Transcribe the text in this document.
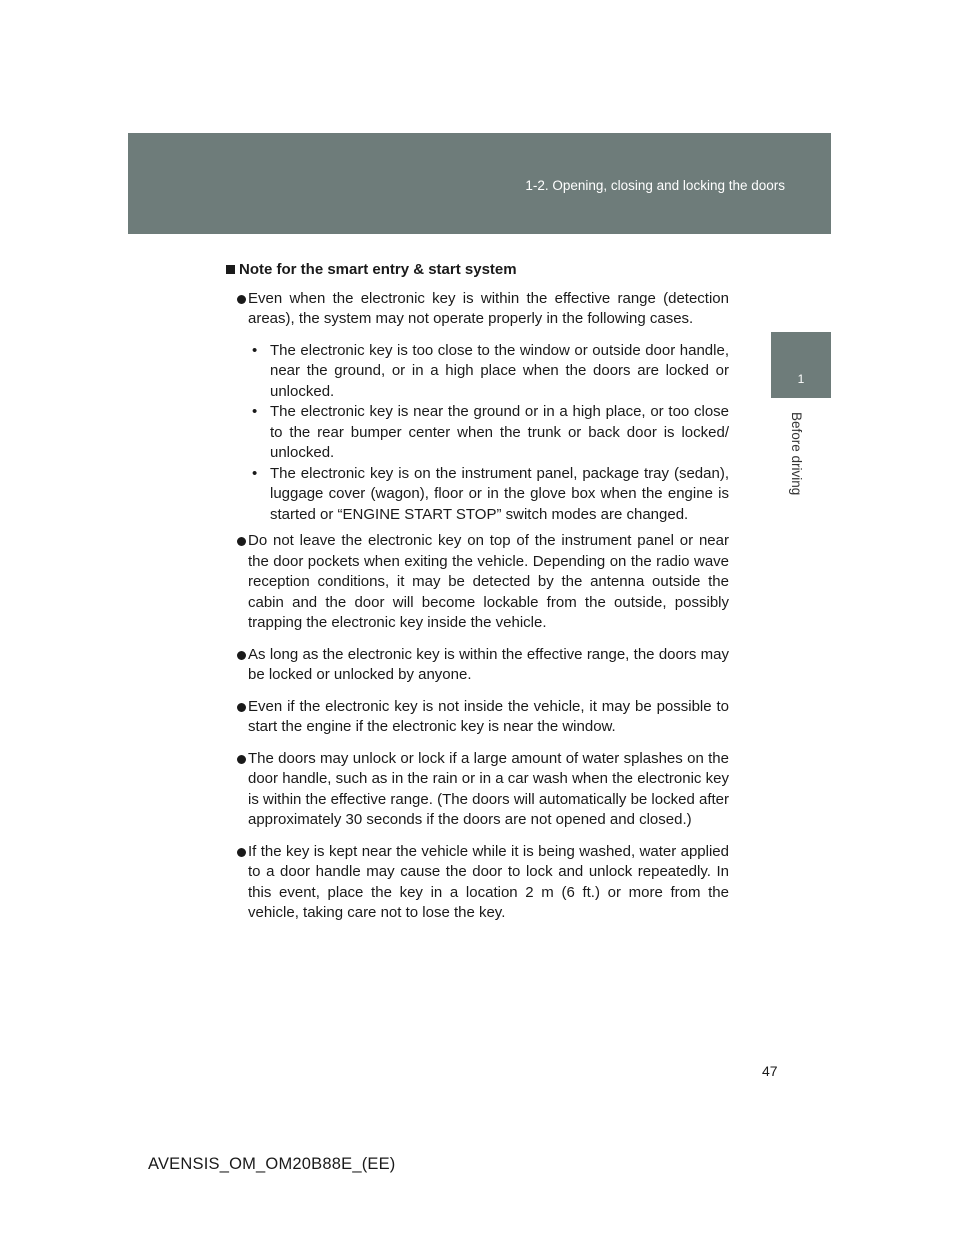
1-2. Opening, closing and locking the doors
1
Before driving
Note for the smart entry & start system
Even when the electronic key is within the effective range (detection areas), the system may not operate properly in the following cases.
• The electronic key is too close to the window or outside door handle, near the ground, or in a high place when the doors are locked or unlocked.
• The electronic key is near the ground or in a high place, or too close to the rear bumper center when the trunk or back door is locked/ unlocked.
• The electronic key is on the instrument panel, package tray (sedan), luggage cover (wagon), floor or in the glove box when the engine is started or “ENGINE START STOP” switch modes are changed.
Do not leave the electronic key on top of the instrument panel or near the door pockets when exiting the vehicle. Depending on the radio wave reception conditions, it may be detected by the antenna outside the cabin and the door will become lockable from the outside, possibly trapping the electronic key inside the vehicle.
As long as the electronic key is within the effective range, the doors may be locked or unlocked by anyone.
Even if the electronic key is not inside the vehicle, it may be possible to start the engine if the electronic key is near the window.
The doors may unlock or lock if a large amount of water splashes on the door handle, such as in the rain or in a car wash when the electronic key is within the effective range. (The doors will automatically be locked after approximately 30 seconds if the doors are not opened and closed.)
If the key is kept near the vehicle while it is being washed, water applied to a door handle may cause the door to lock and unlock repeatedly. In this event, place the key in a location 2 m (6 ft.) or more from the vehicle, taking care not to lose the key.
47
AVENSIS_OM_OM20B88E_(EE)
